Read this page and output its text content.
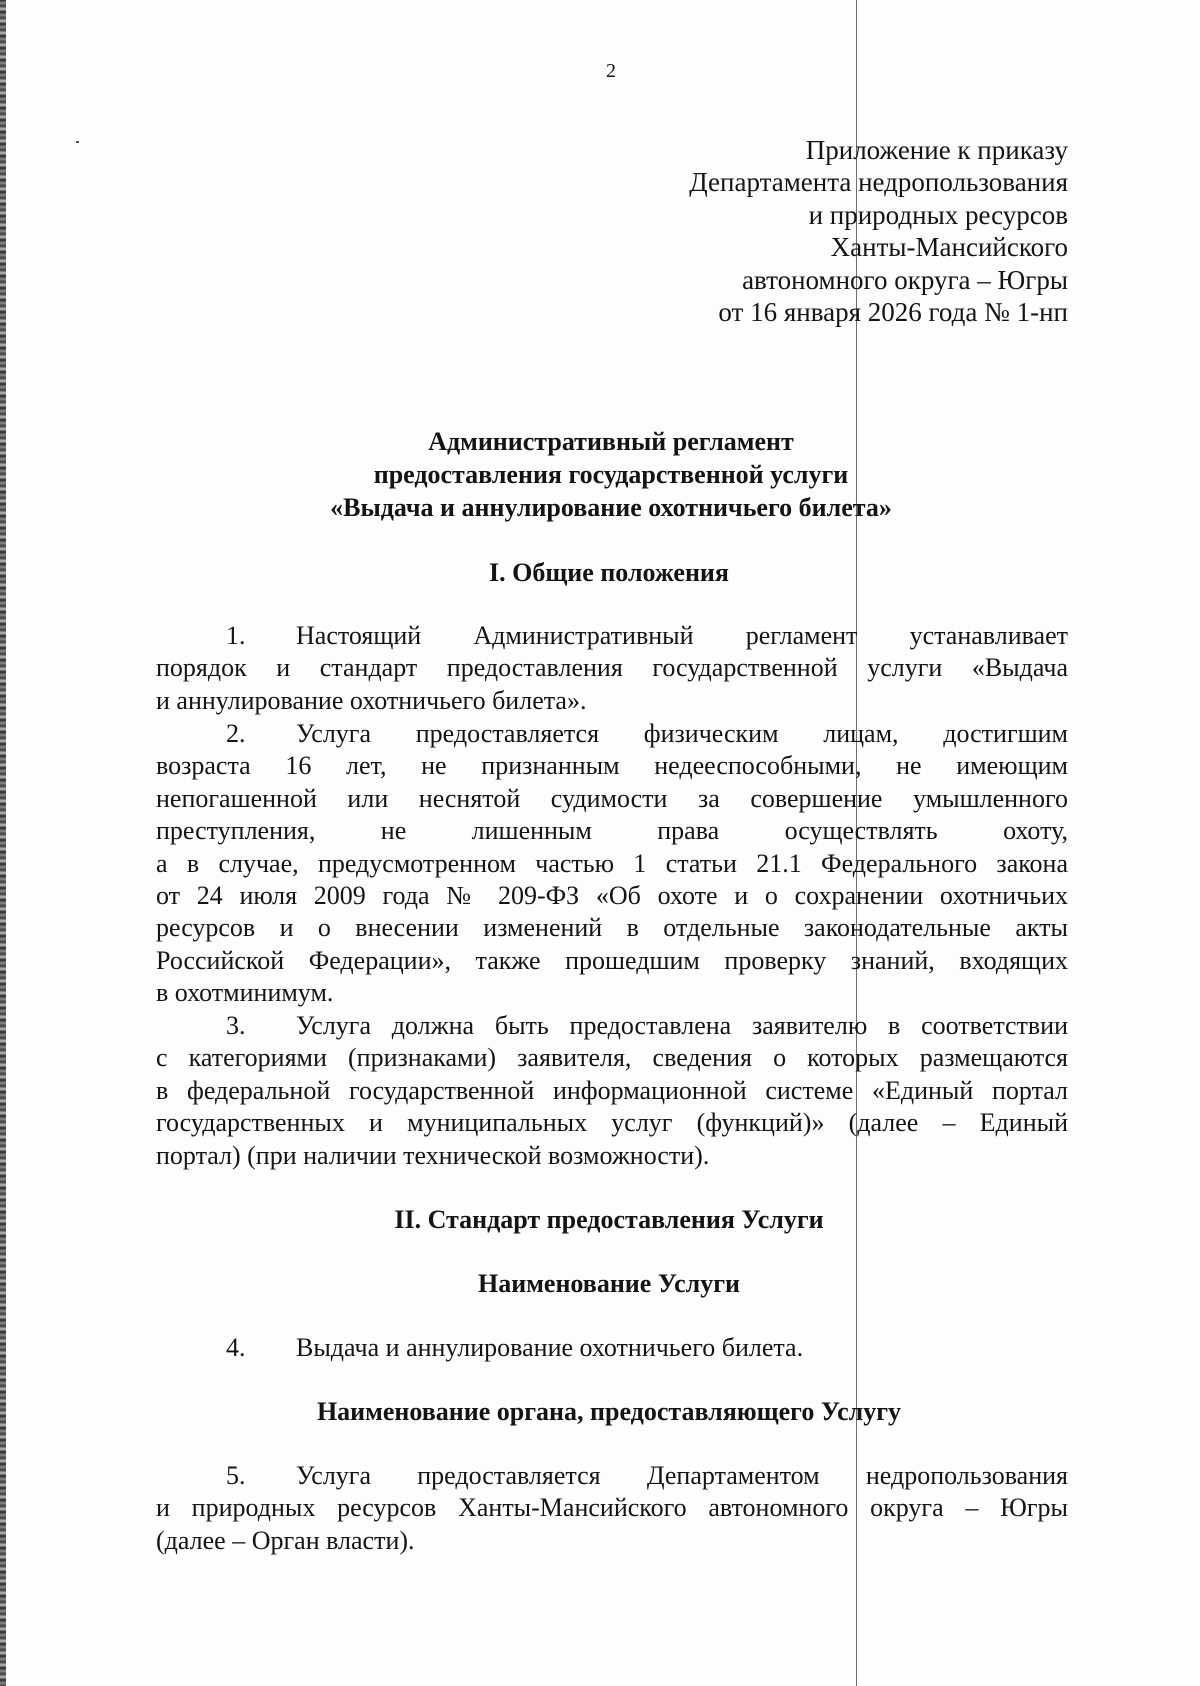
2
Приложение к приказу
Департамента недропользования
и природных ресурсов
Ханты-Мансийского
автономного округа – Югры
от 16 января 2026 года № 1-нп
Административный регламент
предоставления государственной услуги
«Выдача и аннулирование охотничьего билета»
I. Общие положения

1. Настоящий Административный регламент устанавливает

порядок и стандарт предоставления государственной услуги «Выдача

и аннулирование охотничьего билета».

2. Услуга предоставляется физическим лицам, достигшим

возраста 16 лет, не признанным недееспособными, не имеющим

непогашенной или неснятой судимости за совершение умышленного

преступления, не лишенным права осуществлять охоту,

а в случае, предусмотренном частью 1 статьи 21.1 Федерального закона

от 24 июля 2009 года № 209-ФЗ «Об охоте и о сохранении охотничьих

ресурсов и о внесении изменений в отдельные законодательные акты

Российской Федерации», также прошедшим проверку знаний, входящих

в охотминимум.

3. Услуга должна быть предоставлена заявителю в соответствии

с категориями (признаками) заявителя, сведения о которых размещаются

в федеральной государственной информационной системе «Единый портал

государственных и муниципальных услуг (функций)» (далее – Единый

портал) (при наличии технической возможности).

II. Стандарт предоставления Услуги
Наименование Услуги

4. Выдача и аннулирование охотничьего билета.

Наименование органа, предоставляющего Услугу

5. Услуга предоставляется Департаментом недропользования

и природных ресурсов Ханты-Мансийского автономного округа – Югры

(далее – Орган власти).
